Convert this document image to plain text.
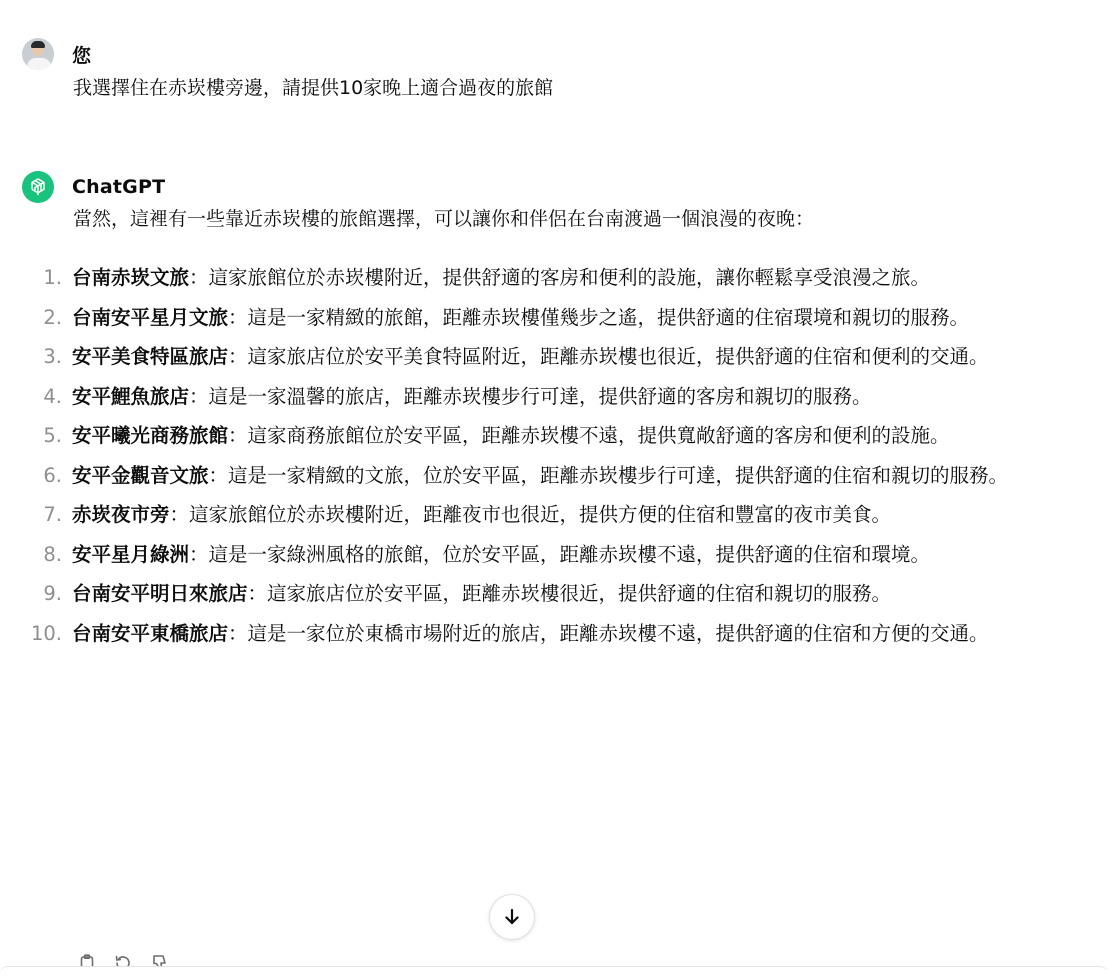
您
我選擇住在赤崁樓旁邊，請提供10家晚上適合過夜的旅館
ChatGPT

當然，這裡有一些靠近赤崁樓的旅館選擇，可以讓你和伴侶在台南渡過一個浪漫的夜晚：

1. 台南赤崁文旅：這家旅館位於赤崁樓附近，提供舒適的客房和便利的設施，讓你輕鬆享受浪漫之旅。
2. 台南安平星月文旅：這是一家精緻的旅館，距離赤崁樓僅幾步之遙，提供舒適的住宿環境和親切的服務。
3. 安平美食特區旅店：這家旅店位於安平美食特區附近，距離赤崁樓也很近，提供舒適的住宿和便利的交通。
4. 安平鯉魚旅店：這是一家溫馨的旅店，距離赤崁樓步行可達，提供舒適的客房和親切的服務。
5. 安平曦光商務旅館：這家商務旅館位於安平區，距離赤崁樓不遠，提供寬敞舒適的客房和便利的設施。
6. 安平金觀音文旅：這是一家精緻的文旅，位於安平區，距離赤崁樓步行可達，提供舒適的住宿和親切的服務。
7. 赤崁夜市旁：這家旅館位於赤崁樓附近，距離夜市也很近，提供方便的住宿和豐富的夜市美食。
8. 安平星月綠洲：這是一家綠洲風格的旅館，位於安平區，距離赤崁樓不遠，提供舒適的住宿和環境。
9. 台南安平明日來旅店：這家旅店位於安平區，距離赤崁樓很近，提供舒適的住宿和親切的服務。
10. 台南安平東橋旅店：這是一家位於東橋市場附近的旅店，距離赤崁樓不遠，提供舒適的住宿和方便的交通。
